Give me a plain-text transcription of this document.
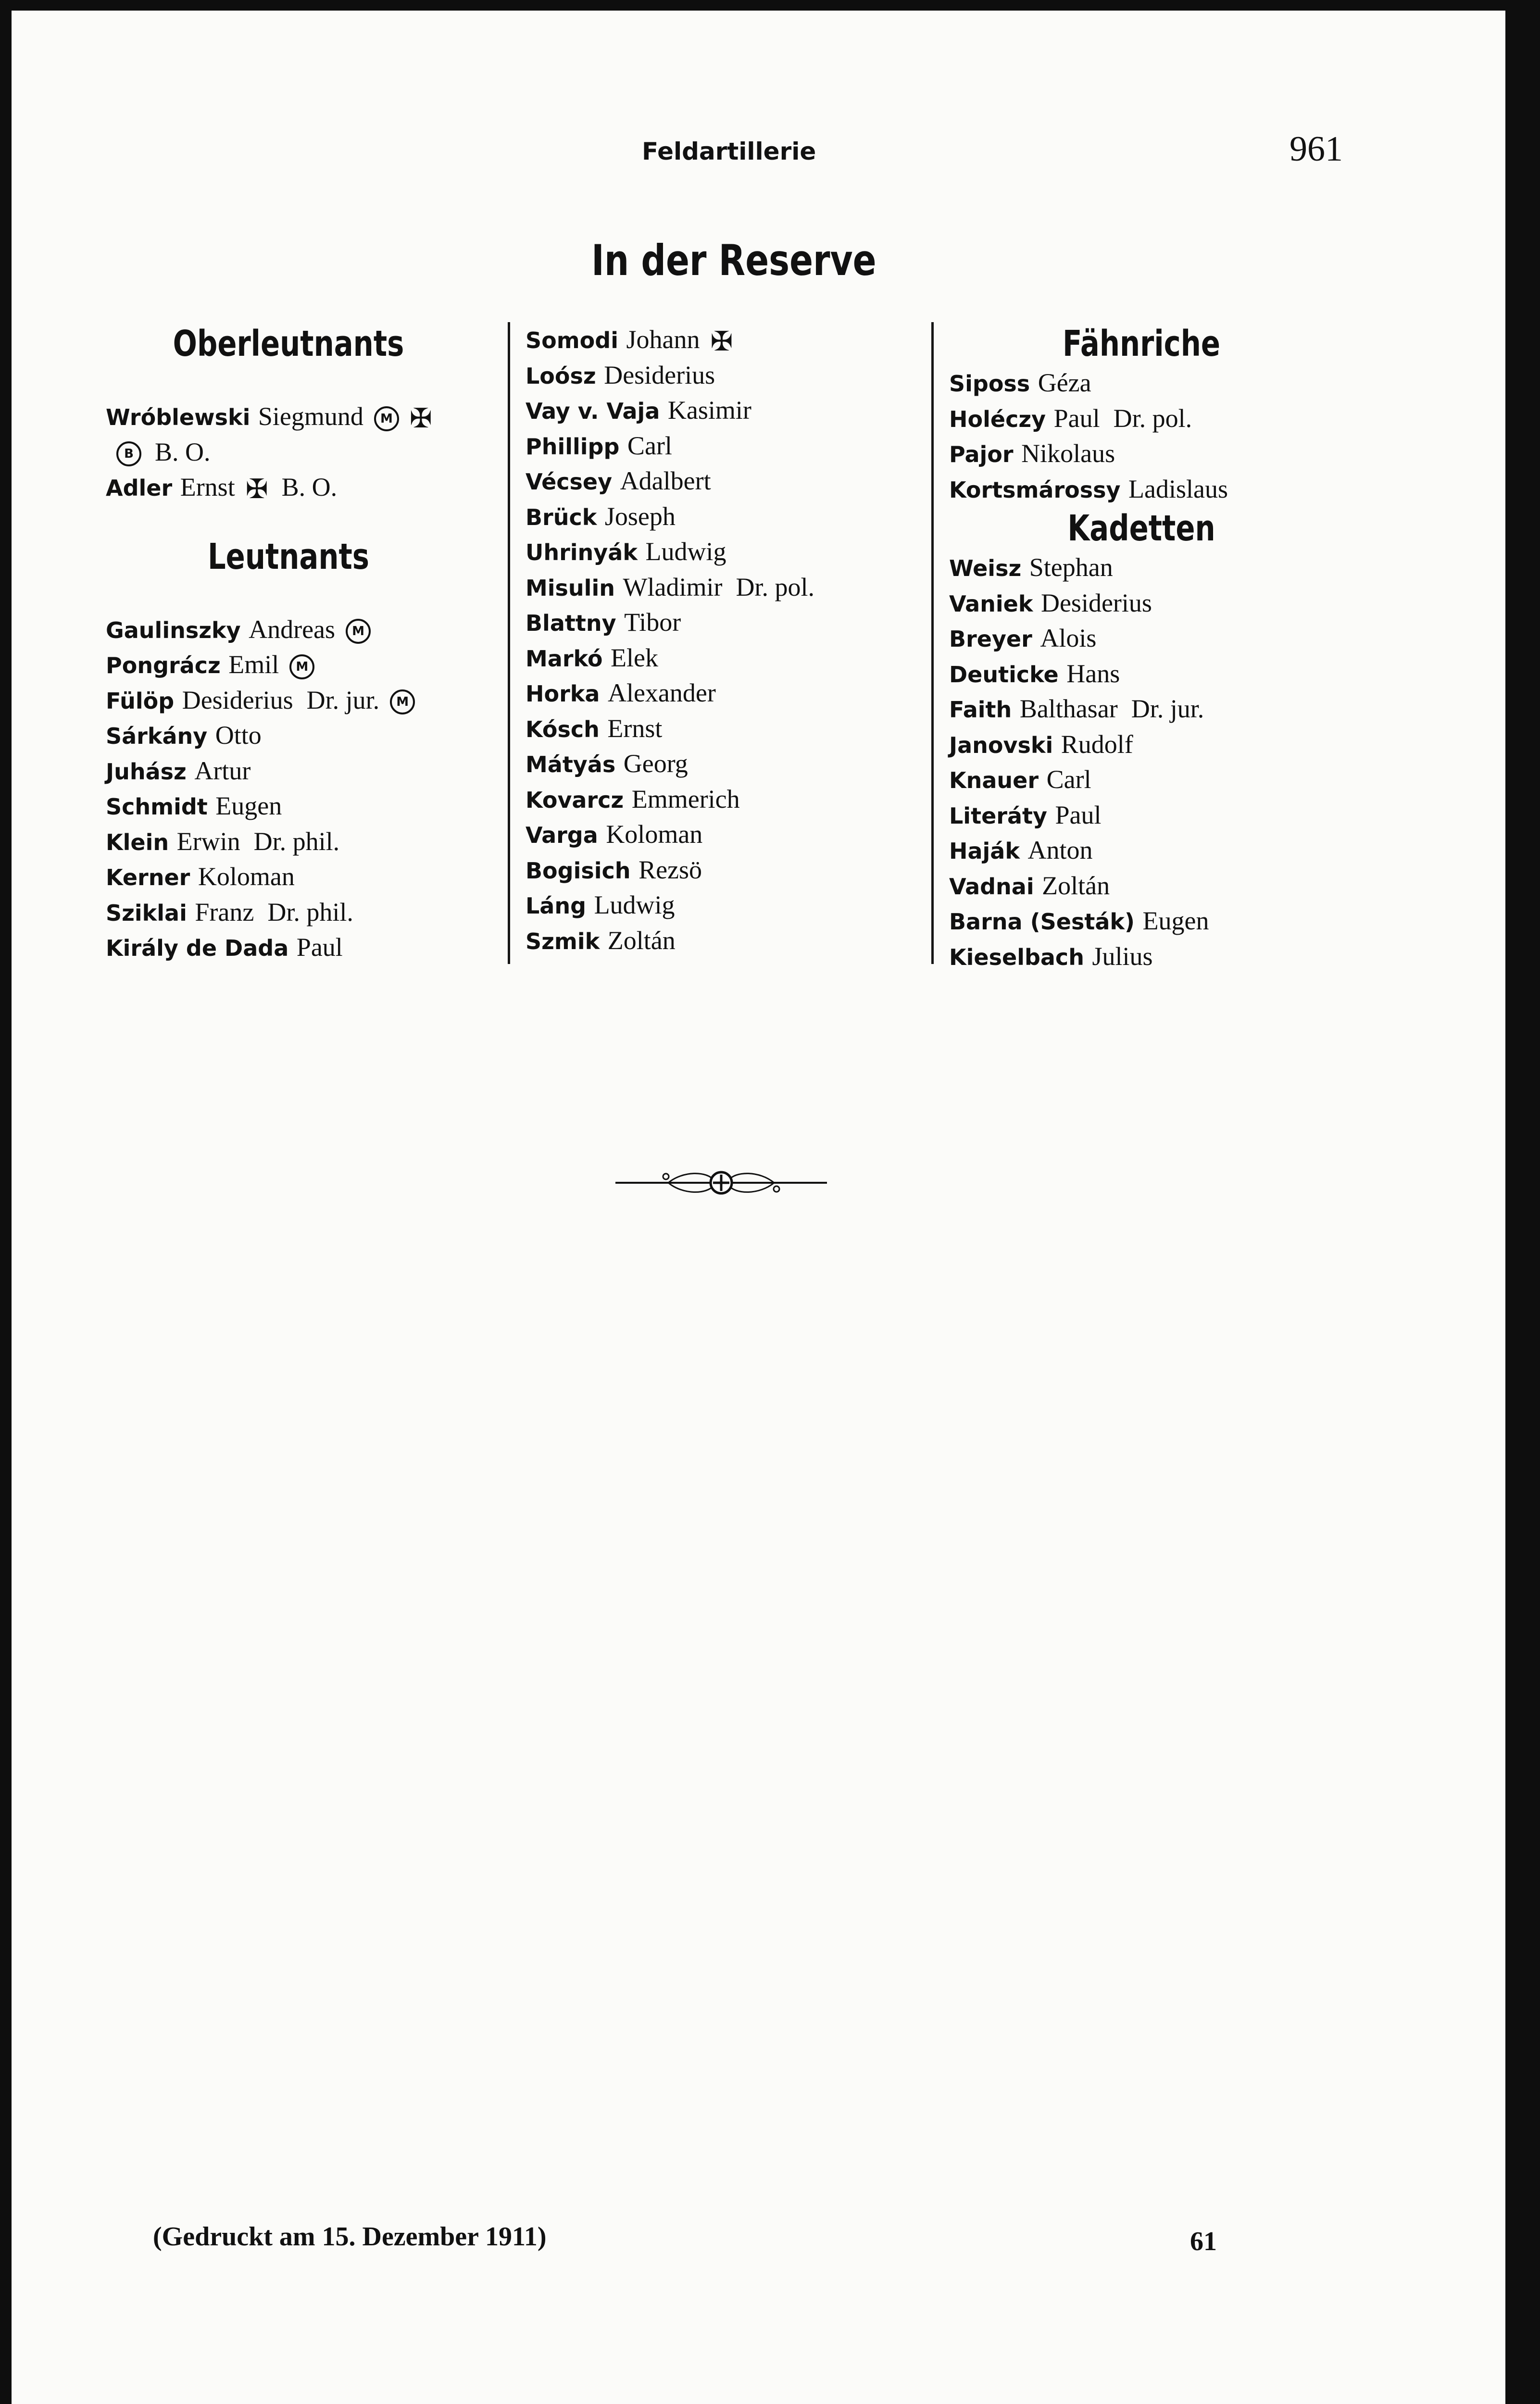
Feldartillerie	961
In der Reserve
Oberleutnants
Wróblewski Siegmund M ✠
B B. O.
Adler Ernst ✠ B. O.
Leutnants
Gaulinszky Andreas M
Pongrácz Emil M
Fülöp Desiderius Dr. jur. M
Sárkány Otto
Juhász Artur
Schmidt Eugen
Klein Erwin Dr. phil.
Kerner Koloman
Sziklai Franz Dr. phil.
Király de Dada Paul
Somodi Johann ✠
Loósz Desiderius
Vay v. Vaja Kasimir
Phillipp Carl
Vécsey Adalbert
Brück Joseph
Uhrinyák Ludwig
Misulin Wladimir Dr. pol.
Blattny Tibor
Markó Elek
Horka Alexander
Kósch Ernst
Mátyás Georg
Kovarcz Emmerich
Varga Koloman
Bogisich Rezsö
Láng Ludwig
Szmik Zoltán
Fähnriche
Siposs Géza
Holéczy Paul Dr. pol.
Pajor Nikolaus
Kortsmárossy Ladislaus
Kadetten
Weisz Stephan
Vaniek Desiderius
Breyer Alois
Deuticke Hans
Faith Balthasar Dr. jur.
Janovski Rudolf
Knauer Carl
Literáty Paul
Haják Anton
Vadnai Zoltán
Barna (Sesták) Eugen
Kieselbach Julius
(Gedruckt am 15. Dezember 1911)	61
